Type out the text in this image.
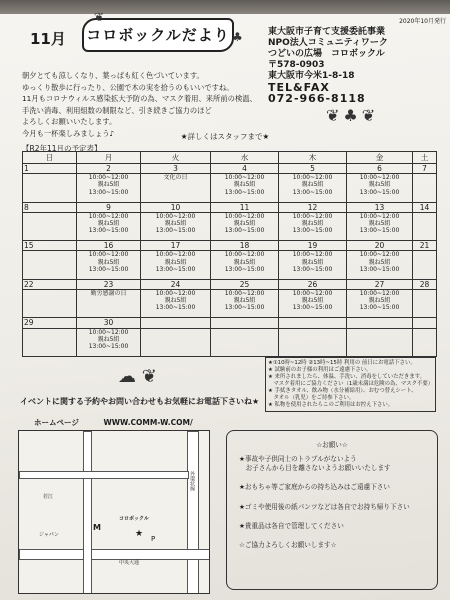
11月 コロボックルだより
❦
♣
2020年10月発行
東大阪市子育て支援委託事業
NPO法人コミュニティワーク
つどいの広場　コロボックル
〒578-0903
東大阪市今米1-8-18
TEL&FAX
072-966-8118
朝夕とても涼しくなり、葉っぱも紅く色づいています。
ゆっくり散歩に行ったり、公園で木の実を拾うのもいいですね。
11月もコロナウィルス感染拡大予防の為、マスク着用、来所前の検温、
手洗い消毒、利用組数の制限など、引き続きご協力のほど
よろしくお願いいたします。
今月も一杯楽しみましょう♪
❦♣❦
★詳しくはスタッフまで★
【R2年11月の予定表】
日	月	火	水	木	金	土
1	2	3	4	5	6	7
	10:00~12:00
親ね5組
13:00~15:00	文化の日	10:00~12:00
親ね5組
13:00~15:00	10:00~12:00
親ね5組
13:00~15:00	10:00~12:00
親ね5組
13:00~15:00	
8	9	10	11	12	13	14
	10:00~12:00
親ね5組
13:00~15:00	10:00~12:00
親ね5組
13:00~15:00	10:00~12:00
親ね5組
13:00~15:00	10:00~12:00
親ね5組
13:00~15:00	10:00~12:00
親ね5組
13:00~15:00	
15	16	17	18	19	20	21
	10:00~12:00
親ね5組
13:00~15:00	10:00~12:00
親ね5組
13:00~15:00	10:00~12:00
親ね5組
13:00~15:00	10:00~12:00
親ね5組
13:00~15:00	10:00~12:00
親ね5組
13:00~15:00	
22	23	24	25	26	27	28
	勤労感謝の日	10:00~12:00
親ね5組
13:00~15:00	10:00~12:00
親ね5組
13:00~15:00	10:00~12:00
親ね5組
13:00~15:00	10:00~12:00
親ね5組
13:00~15:00	
29	30					
	10:00~12:00
親ね5組
13:00~15:00					
★①10時~12時 ②13時~15時 利用の 前日にお電話下さい。
★ 試験前のお子様の利用はご遠慮下さい。
★ 来所されましたら、体温、手洗い、消毒をしていただきます。
　マスク着用にご協力ください（1歳未満は危険の為、マスク不要）
★ 手拭きタオル、飲み物（水分補給用）、おむつ替えシート、
　タオル（乳児）をご持参下さい。
★ 私物を使用されたらこのご利用はお控え下さい。
☁ ❦
イベントに関する予約やお問い合わせもお気軽にお電話下さいね★
ホームページ	WWW.COMM-W.COM/
外環状線
中央大通
若江
ジャパン
コロボックル
M
P
★
☆お願い☆
★事故や子供同士のトラブルがないよう
　お子さんから目を離さないようお願いいたします

★おもちゃ等ご家庭からの持ち込みはご遠慮下さい

★ゴミや使用後の紙パンツなどは各自でお持ち帰り下さい

★貴重品は各自で管理してください

☆ご協力よろしくお願いします☆
